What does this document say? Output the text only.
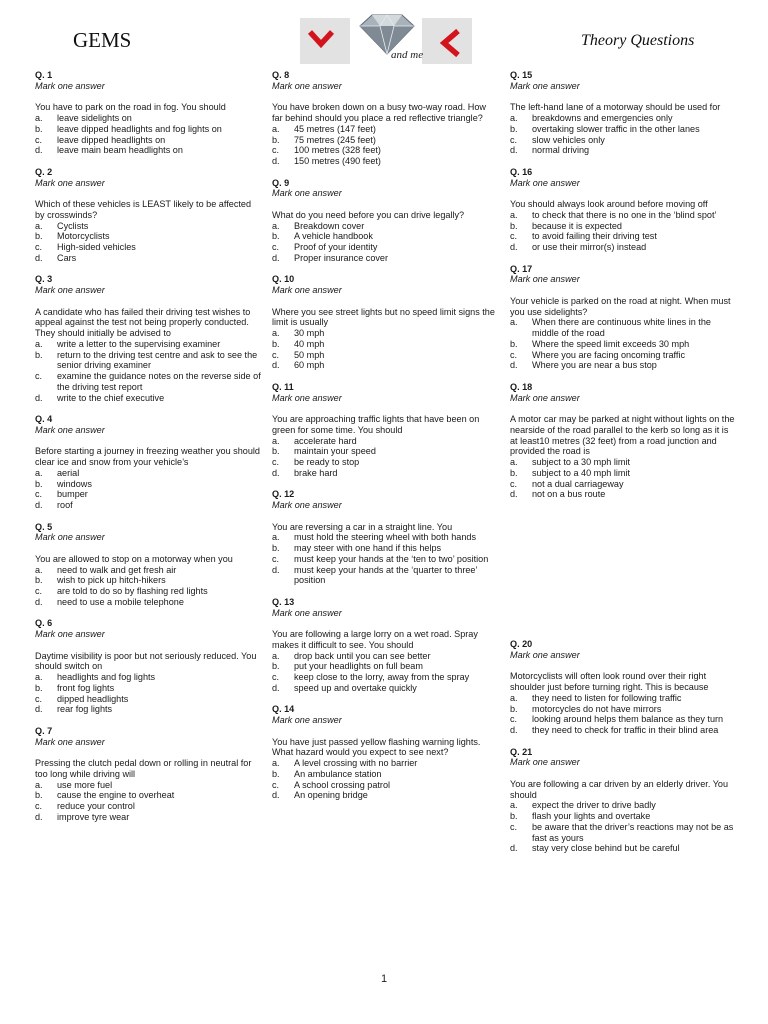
GEMS
and me
Theory Questions
Q. 1
Mark one answer
You have to park on the road in fog. You should
a.	leave sidelights on
b.	leave dipped headlights and fog lights on
c.	leave dipped headlights on
d.	leave main beam headlights on
Q. 2
Mark one answer
Which of these vehicles is LEAST likely to be affected by crosswinds?
a.	Cyclists
b.	Motorcyclists
c.	High-sided vehicles
d.	Cars
Q. 3
Mark one answer
A candidate who has failed their driving test wishes to appeal against the test not being properly conducted. They should initially be advised to
a.	write a letter to the supervising examiner
b.	return to the driving test centre and ask to see the senior driving examiner
c.	examine the guidance notes on the reverse side of the driving test report
d.	write to the chief executive
Q. 4
Mark one answer
Before starting a journey in freezing weather you should clear ice and snow from your vehicle’s
a.	aerial
b.	windows
c.	bumper
d.	roof
Q. 5
Mark one answer
You are allowed to stop on a motorway when you
a.	need to walk and get fresh air
b.	wish to pick up hitch-hikers
c.	are told to do so by flashing red lights
d.	need to use a mobile telephone
Q. 6
Mark one answer
Daytime visibility is poor but not seriously reduced. You should switch on
a.	headlights and fog lights
b.	front fog lights
c.	dipped headlights
d.	rear fog lights
Q. 7
Mark one answer
Pressing the clutch pedal down or rolling in neutral for too long while driving will
a.	use more fuel
b.	cause the engine to overheat
c.	reduce your control
d.	improve tyre wear
Q. 8
Mark one answer
You have broken down on a busy two-way road. How far behind should you place a red reflective triangle?
a.	45 metres (147 feet)
b.	75 metres (245 feet)
c.	100 metres (328 feet)
d.	150 metres (490 feet)
Q. 9
Mark one answer
What do you need before you can drive legally?
a.	Breakdown cover
b.	A vehicle handbook
c.	Proof of your identity
d.	Proper insurance cover
Q. 10
Mark one answer
Where you see street lights but no speed limit signs the limit is usually
a.	30 mph
b.	40 mph
c.	50 mph
d.	60 mph
Q. 11
Mark one answer
You are approaching traffic lights that have been on green for some time. You should
a.	accelerate hard
b.	maintain your speed
c.	be ready to stop
d.	brake hard
Q. 12
Mark one answer
You are reversing a car in a straight line. You
a.	must hold the steering wheel with both hands
b.	may steer with one hand if this helps
c.	must keep your hands at the ‘ten to two’ position
d.	must keep your hands at the ‘quarter to three’ position
Q. 13
Mark one answer
You are following a large lorry on a wet road. Spray makes it difficult to see. You should
a.	drop back until you can see better
b.	put your headlights on full beam
c.	keep close to the lorry, away from the spray
d.	speed up and overtake quickly
Q. 14
Mark one answer
You have just passed yellow flashing warning lights. What hazard would you expect to see next?
a.	A level crossing with no barrier
b.	An ambulance station
c.	A school crossing patrol
d.	An opening bridge
Q. 15
Mark one answer
The left-hand lane of a motorway should be used for
a.	breakdowns and emergencies only
b.	overtaking slower traffic in the other lanes
c.	slow vehicles only
d.	normal driving
Q. 16
Mark one answer
You should always look around before moving off
a.	to check that there is no one in the ‘blind spot’
b.	because it is expected
c.	to avoid failing their driving test
d.	or use their mirror(s) instead
Q. 17
Mark one answer
Your vehicle is parked on the road at night. When must you use sidelights?
a.	When there are continuous white lines in the middle of the road
b.	Where the speed limit exceeds 30 mph
c.	Where you are facing oncoming traffic
d.	Where you are near a bus stop
Q. 18
Mark one answer
A motor car may be parked at night without lights on the nearside of the road parallel to the kerb so long as it is at least10 metres (32 feet) from a road junction and provided the road is
a.	subject to a 30 mph limit
b.	subject to a 40 mph limit
c.	not a dual carriageway
d.	not on a bus route
Q. 20
Mark one answer
Motorcyclists will often look round over their right shoulder just before turning right. This is because
a.	they need to listen for following traffic
b.	motorcycles do not have mirrors
c.	looking around helps them balance as they turn
d.	they need to check for traffic in their blind area
Q. 21
Mark one answer
You are following a car driven by an elderly driver. You should
a.	expect the driver to drive badly
b.	flash your lights and overtake
c.	be aware that the driver’s reactions may not be as fast as yours
d.	stay very close behind but be careful
1
